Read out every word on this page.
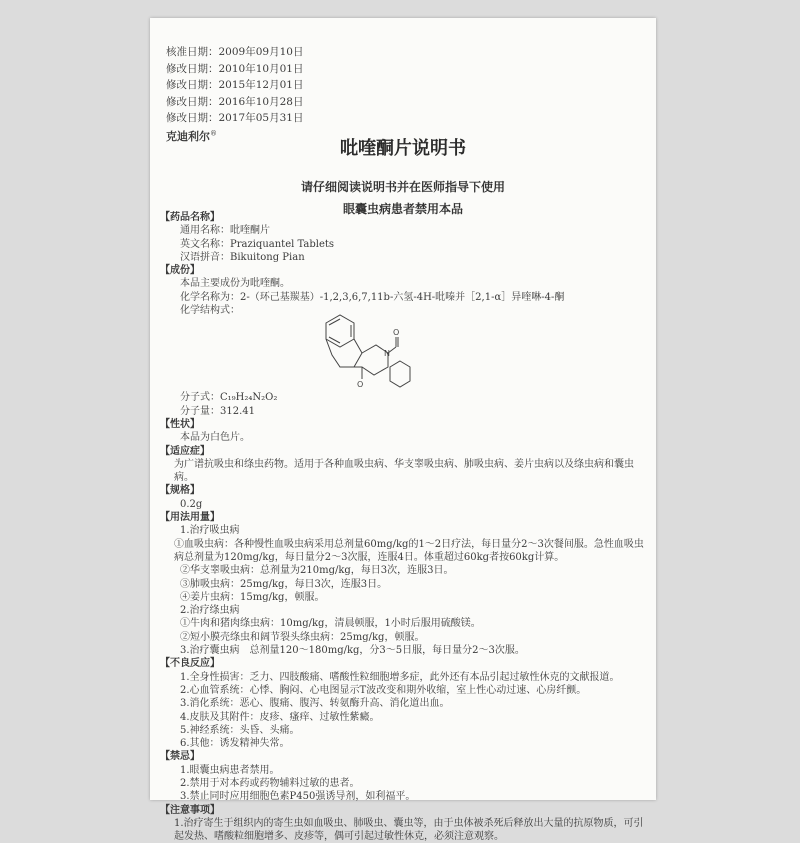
核准日期：2009年09月10日
修改日期：2010年10月01日
修改日期：2015年12月01日
修改日期：2016年10月28日
修改日期：2017年05月31日
克迪利尔®
吡喹酮片说明书
请仔细阅读说明书并在医师指导下使用
眼囊虫病患者禁用本品
【药品名称】
通用名称：吡喹酮片
英文名称：Praziquantel Tablets
汉语拼音：Bikuitong Pian
【成份】
本品主要成份为吡喹酮。
化学名称为：2-（环己基羰基）-1,2,3,6,7,11b-六氢-4H-吡嗪并［2,1-α］异喹啉-4-酮
化学结构式：
O
O
N
分子式：C₁₉H₂₄N₂O₂
分子量：312.41
【性状】
本品为白色片。
【适应症】
为广谱抗吸虫和绦虫药物。适用于各种血吸虫病、华支睾吸虫病、肺吸虫病、姜片虫病以及绦虫病和囊虫病。
【规格】
0.2g
【用法用量】
1.治疗吸虫病
①血吸虫病：各种慢性血吸虫病采用总剂量60mg/kg的1～2日疗法，每日量分2～3次餐间服。急性血吸虫病总剂量为120mg/kg，每日量分2～3次服，连服4日。体重超过60kg者按60kg计算。
②华支睾吸虫病：总剂量为210mg/kg，每日3次，连服3日。
③肺吸虫病：25mg/kg，每日3次，连服3日。
④姜片虫病：15mg/kg，顿服。
2.治疗绦虫病
①牛肉和猪肉绦虫病：10mg/kg，清晨顿服，1小时后服用硫酸镁。
②短小膜壳绦虫和阔节裂头绦虫病：25mg/kg，顿服。
3.治疗囊虫病　总剂量120～180mg/kg，分3～5日服，每日量分2～3次服。
【不良反应】
1.全身性损害：乏力、四肢酸痛、嗜酸性粒细胞增多症，此外还有本品引起过敏性休克的文献报道。
2.心血管系统：心悸、胸闷、心电图显示T波改变和期外收缩，室上性心动过速、心房纤颤。
3.消化系统：恶心、腹痛、腹泻、转氨酶升高、消化道出血。
4.皮肤及其附件：皮疹、瘙痒、过敏性紫癜。
5.神经系统：头昏、头痛。
6.其他：诱发精神失常。
【禁忌】
1.眼囊虫病患者禁用。
2.禁用于对本药或药物辅料过敏的患者。
3.禁止同时应用细胞色素P450强诱导剂，如利福平。
【注意事项】
1.治疗寄生于组织内的寄生虫如血吸虫、肺吸虫、囊虫等，由于虫体被杀死后释放出大量的抗原物质，可引起发热、嗜酸粒细胞增多、皮疹等，偶可引起过敏性休克，必须注意观察。
